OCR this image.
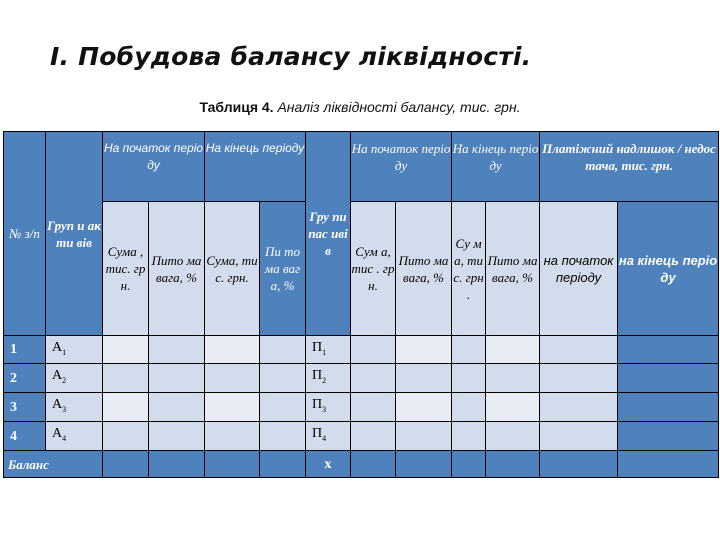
I. Побудова балансу ліквідності.
Таблиця 4. Аналіз ліквідності балансу, тис. грн.
№ з/п	Груп и акти вів	На початок періоду		На кінець періоду		Гру пи пас ивів	На початок періоду		На кінець періоду		Платіжний надлишок / недостача, тис. грн.	
		Сума , тис. грн.	Пито ма вага, %	Сума, тис. грн.	Пи то ма ваг а, %		Сум а, тис . грн.	Пито ма вага, %	Су ма, ти с. грн .	Пито ма вага, %	на початок періоду	на кінець періоду
1	$А_1$					$П_1$						
2	$А_2$					$П_2$						
3	$А_3$					$П_3$						
4	$А_4$					$П_4$						
Баланс						х						
